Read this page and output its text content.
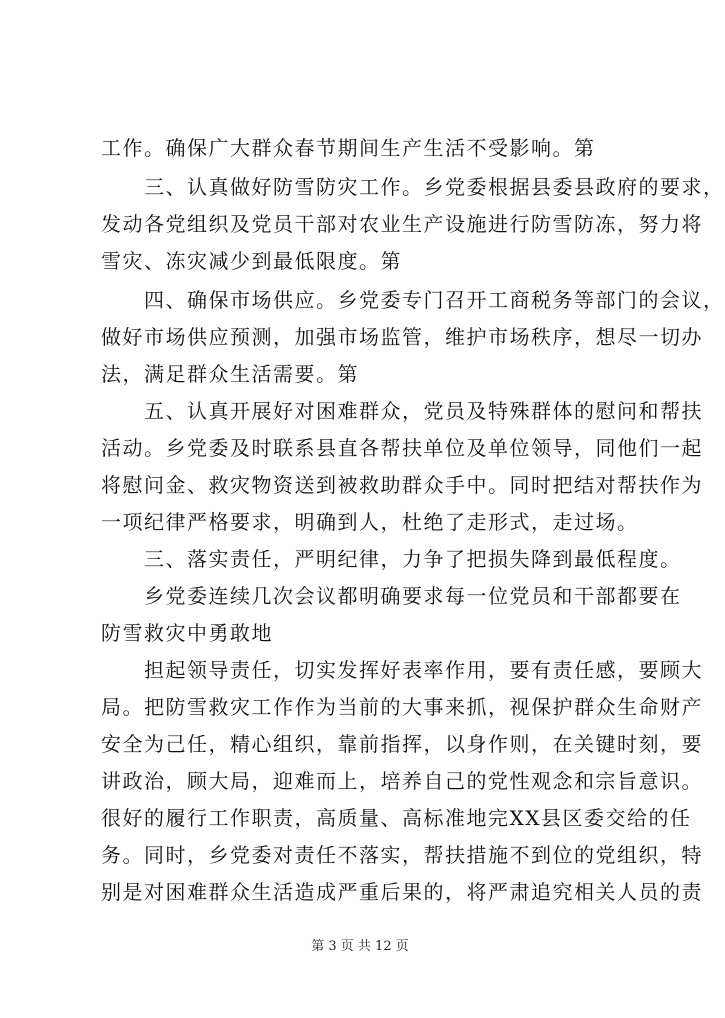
工作。确保广大群众春节期间生产生活不受影响。第
　　三、认真做好防雪防灾工作。乡党委根据县委县政府的要求，
发动各党组织及党员干部对农业生产设施进行防雪防冻，努力将
雪灾、冻灾减少到最低限度。第
　　四、确保市场供应。乡党委专门召开工商税务等部门的会议，
做好市场供应预测，加强市场监管，维护市场秩序，想尽一切办
法，满足群众生活需要。第
　　五、认真开展好对困难群众，党员及特殊群体的慰问和帮扶
活动。乡党委及时联系县直各帮扶单位及单位领导，同他们一起
将慰问金、救灾物资送到被救助群众手中。同时把结对帮扶作为
一项纪律严格要求，明确到人，杜绝了走形式，走过场。
　　三、落实责任，严明纪律，力争了把损失降到最低程度。
　　乡党委连续几次会议都明确要求每一位党员和干部都要在
防雪救灾中勇敢地
　　担起领导责任，切实发挥好表率作用，要有责任感，要顾大
局。把防雪救灾工作作为当前的大事来抓，视保护群众生命财产
安全为己任，精心组织，靠前指挥，以身作则，在关键时刻，要
讲政治，顾大局，迎难而上，培养自己的党性观念和宗旨意识。
很好的履行工作职责，高质量、高标准地完XX县区委交给的任
务。同时，乡党委对责任不落实，帮扶措施不到位的党组织，特
别是对困难群众生活造成严重后果的，将严肃追究相关人员的责
第 3 页 共 12 页
